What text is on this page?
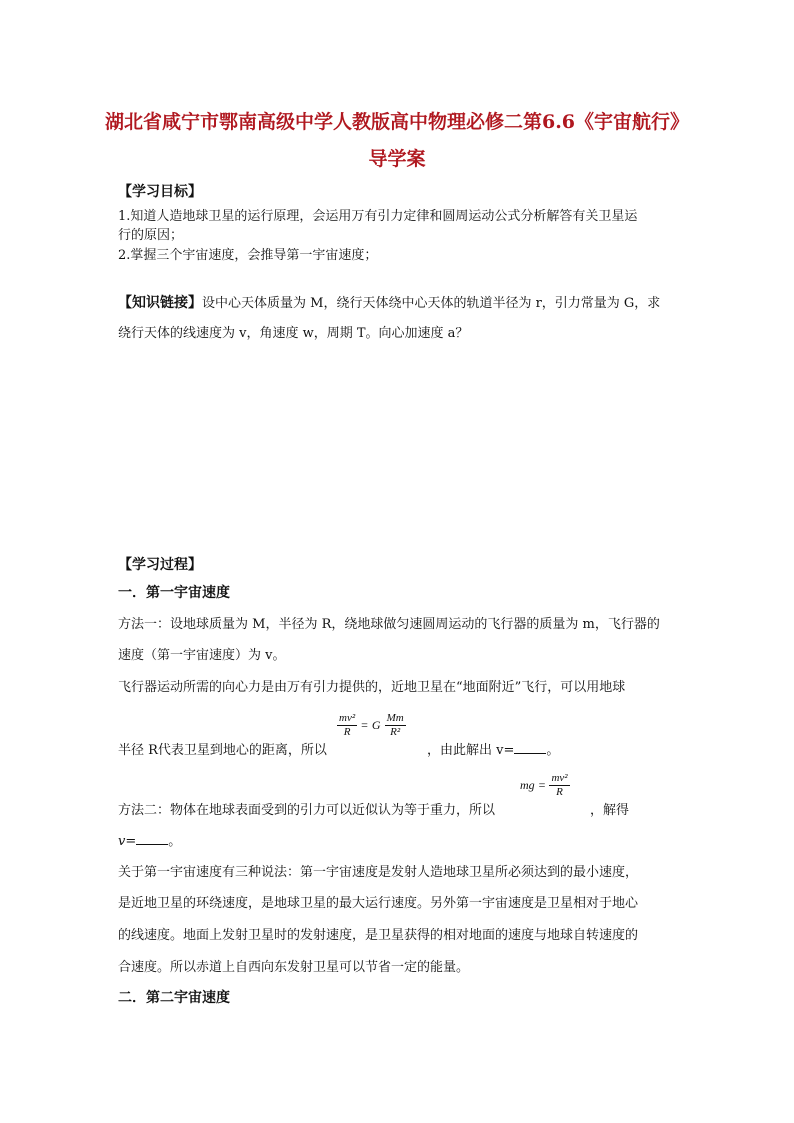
湖北省咸宁市鄂南高级中学人教版高中物理必修二第6.6《宇宙航行》
导学案
【学习目标】
1.知道人造地球卫星的运行原理，会运用万有引力定律和圆周运动公式分析解答有关卫星运
行的原因；
2.掌握三个宇宙速度，会推导第一宇宙速度；
【知识链接】设中心天体质量为 M，绕行天体绕中心天体的轨道半径为 r，引力常量为 G，求
绕行天体的线速度为 v，角速度 w，周期 T。向心加速度 a？
【学习过程】
一．第一宇宙速度
方法一：设地球质量为 M，半径为 R，绕地球做匀速圆周运动的飞行器的质量为 m，飞行器的
速度（第一宇宙速度）为 v。
飞行器运动所需的向心力是由万有引力提供的，近地卫星在“地面附近”飞行，可以用地球
半径 R代表卫星到地心的距离，所以
$\frac{\text{mv²}}{R} = G \frac{Mm}{\text{R²}}$
，由此解出 v= 。
方法二：物体在地球表面受到的引力可以近似认为等于重力，所以
mg = $\frac{\text{mv²}}{R}$
，解得
v= 。
关于第一宇宙速度有三种说法：第一宇宙速度是发射人造地球卫星所必须达到的最小速度，
是近地卫星的环绕速度，是地球卫星的最大运行速度。另外第一宇宙速度是卫星相对于地心
的线速度。地面上发射卫星时的发射速度，是卫星获得的相对地面的速度与地球自转速度的
合速度。所以赤道上自西向东发射卫星可以节省一定的能量。
二．第二宇宙速度
